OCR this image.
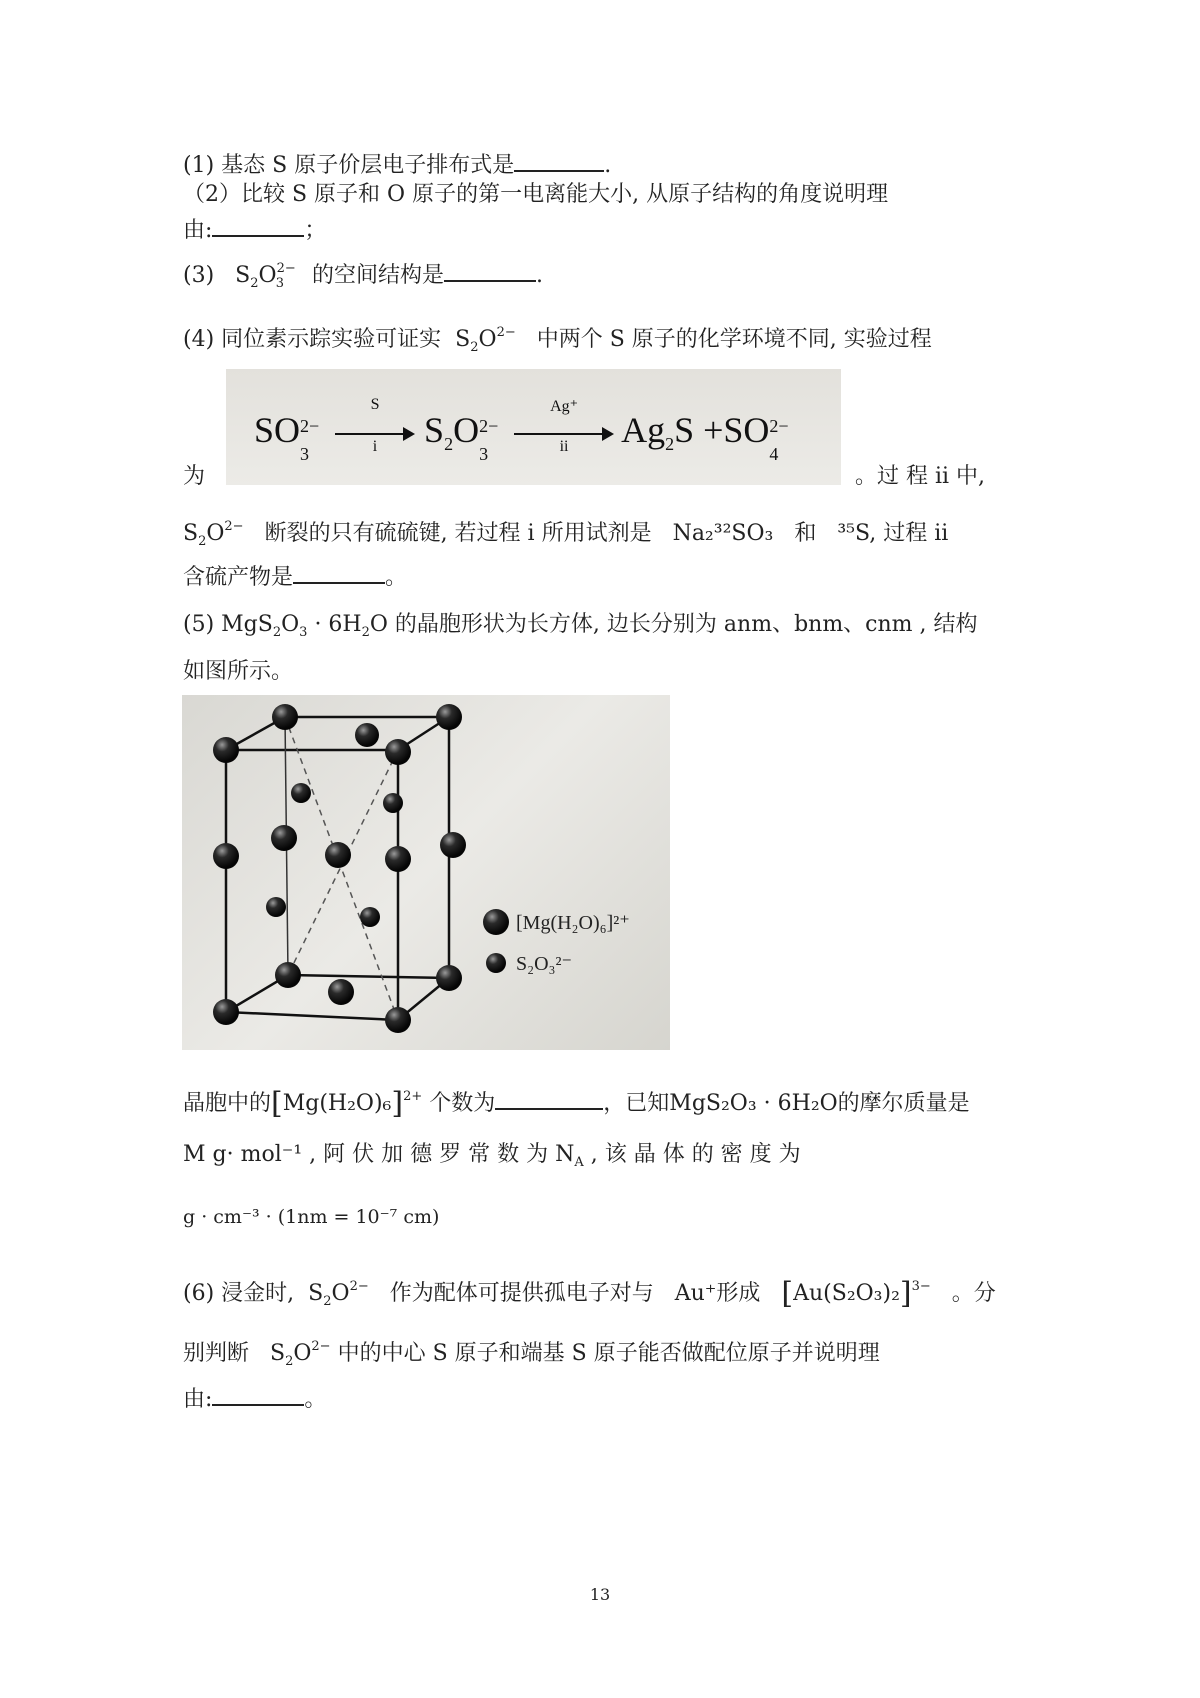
(1) 基态 S 原子价层电子排布式是	.
（2）比较 S 原子和 O 原子的第一电离能大小, 从原子结构的角度说明理
由:	；
(3) $S_2O^{2-}_3$ 的空间结构是	.
(4) 同位素示踪实验可证实 $S_2O^{2-}$ 中两个 S 原子的化学环境不同, 实验过程
SO 2−
3

$\frac{S}{i} S_2O$ 2−
3

$\frac{Ag^+}{ii} Ag_2S +SO$ 2−
4
为	。过 程 ii 中,
$S_2O^{2-}$ 断裂的只有硫硫键, 若过程 i 所用试剂是 Na₂³²SO₃ 和 ³⁵S, 过程 ii
含硫产物是	。
(5) $MgS_2O_3 \cdot 6H_2O$ 的晶胞形状为长方体, 边长分别为 anm、bnm、cnm , 结构
如图所示。
[Mg(H₂O)₆]²⁺
S₂O₃²⁻
晶胞中的$[Mg(H_2O)_6]^{2+}$ 个数为	，已知MgS₂O₃ · 6H₂O的摩尔质量是
M g· mol⁻¹ , 阿 伏 加 德 罗 常 数 为 $N_A$ , 该 晶 体 的 密 度 为
g · cm⁻³ · (1nm = 10⁻⁷ cm)
(6) 浸金时, $S_2O^{2-}$ 作为配体可提供孤电子对与 Au⁺形成 $[Au(S_2O_3)_2]^{3-}$ 。分
别判断 $S_2O^{2-}$ 中的中心 S 原子和端基 S 原子能否做配位原子并说明理
由:	。
13
